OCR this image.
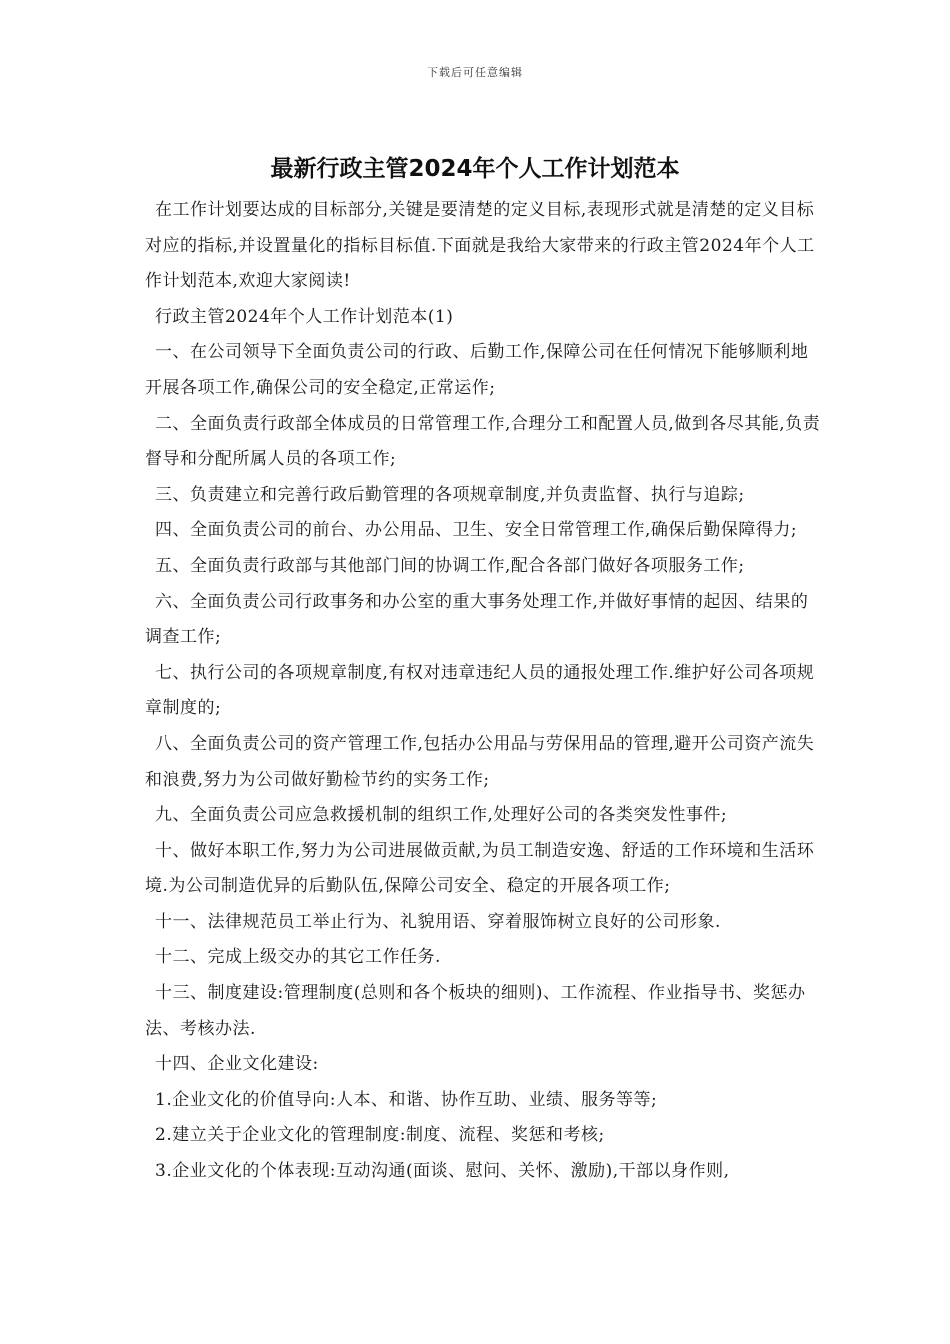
下载后可任意编辑
最新行政主管2024年个人工作计划范本

在工作计划要达成的目标部分,关键是要清楚的定义目标,表现形式就是清楚的定义目标对应的指标,并设置量化的指标目标值.下面就是我给大家带来的行政主管2024年个人工作计划范本,欢迎大家阅读!

行政主管2024年个人工作计划范本(1)

一、在公司领导下全面负责公司的行政、后勤工作,保障公司在任何情况下能够顺利地开展各项工作,确保公司的安全稳定,正常运作;

二、全面负责行政部全体成员的日常管理工作,合理分工和配置人员,做到各尽其能,负责督导和分配所属人员的各项工作;

三、负责建立和完善行政后勤管理的各项规章制度,并负责监督、执行与追踪;

四、全面负责公司的前台、办公用品、卫生、安全日常管理工作,确保后勤保障得力;

五、全面负责行政部与其他部门间的协调工作,配合各部门做好各项服务工作;

六、全面负责公司行政事务和办公室的重大事务处理工作,并做好事情的起因、结果的调查工作;

七、执行公司的各项规章制度,有权对违章违纪人员的通报处理工作.维护好公司各项规章制度的;

八、全面负责公司的资产管理工作,包括办公用品与劳保用品的管理,避开公司资产流失和浪费,努力为公司做好勤检节约的实务工作;

九、全面负责公司应急救援机制的组织工作,处理好公司的各类突发性事件;

十、做好本职工作,努力为公司进展做贡献,为员工制造安逸、舒适的工作环境和生活环境.为公司制造优异的后勤队伍,保障公司安全、稳定的开展各项工作;

十一、法律规范员工举止行为、礼貌用语、穿着服饰树立良好的公司形象.

十二、完成上级交办的其它工作任务.

十三、制度建设:管理制度(总则和各个板块的细则)、工作流程、作业指导书、奖惩办法、考核办法.

十四、企业文化建设:

1.企业文化的价值导向:人本、和谐、协作互助、业绩、服务等等;

2.建立关于企业文化的管理制度:制度、流程、奖惩和考核;

3.企业文化的个体表现:互动沟通(面谈、慰问、关怀、激励),干部以身作则,
